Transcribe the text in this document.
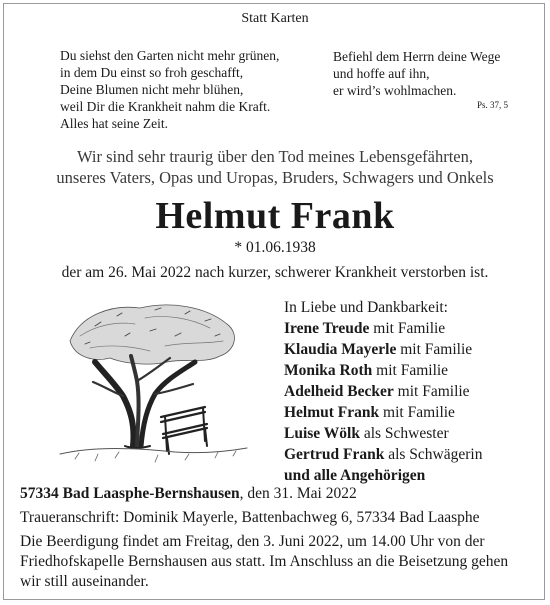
Statt Karten
Du siehst den Garten nicht mehr grünen,
in dem Du einst so froh geschafft,
Deine Blumen nicht mehr blühen,
weil Dir die Krankheit nahm die Kraft.
Alles hat seine Zeit.
Befiehl dem Herrn deine Wege
und hoffe auf ihn,
er wird’s wohlmachen.
Ps. 37, 5
Wir sind sehr traurig über den Tod meines Lebensgefährten,
unseres Vaters, Opas und Uropas, Bruders, Schwagers und Onkels
Helmut Frank
* 01.06.1938
der am 26. Mai 2022 nach kurzer, schwerer Krankheit verstorben ist.
In Liebe und Dankbarkeit:
Irene Treude mit Familie
Klaudia Mayerle mit Familie
Monika Roth mit Familie
Adelheid Becker mit Familie
Helmut Frank mit Familie
Luise Wölk als Schwester
Gertrud Frank als Schwägerin
und alle Angehörigen

57334 Bad Laasphe-Bernshausen, den 31. Mai 2022

Traueranschrift: Dominik Mayerle, Battenbachweg 6, 57334 Bad Laasphe

Die Beerdigung findet am Freitag, den 3. Juni 2022, um 14.00 Uhr von der Friedhofskapelle Bernshausen aus statt. Im Anschluss an die Beisetzung gehen wir still auseinander.
